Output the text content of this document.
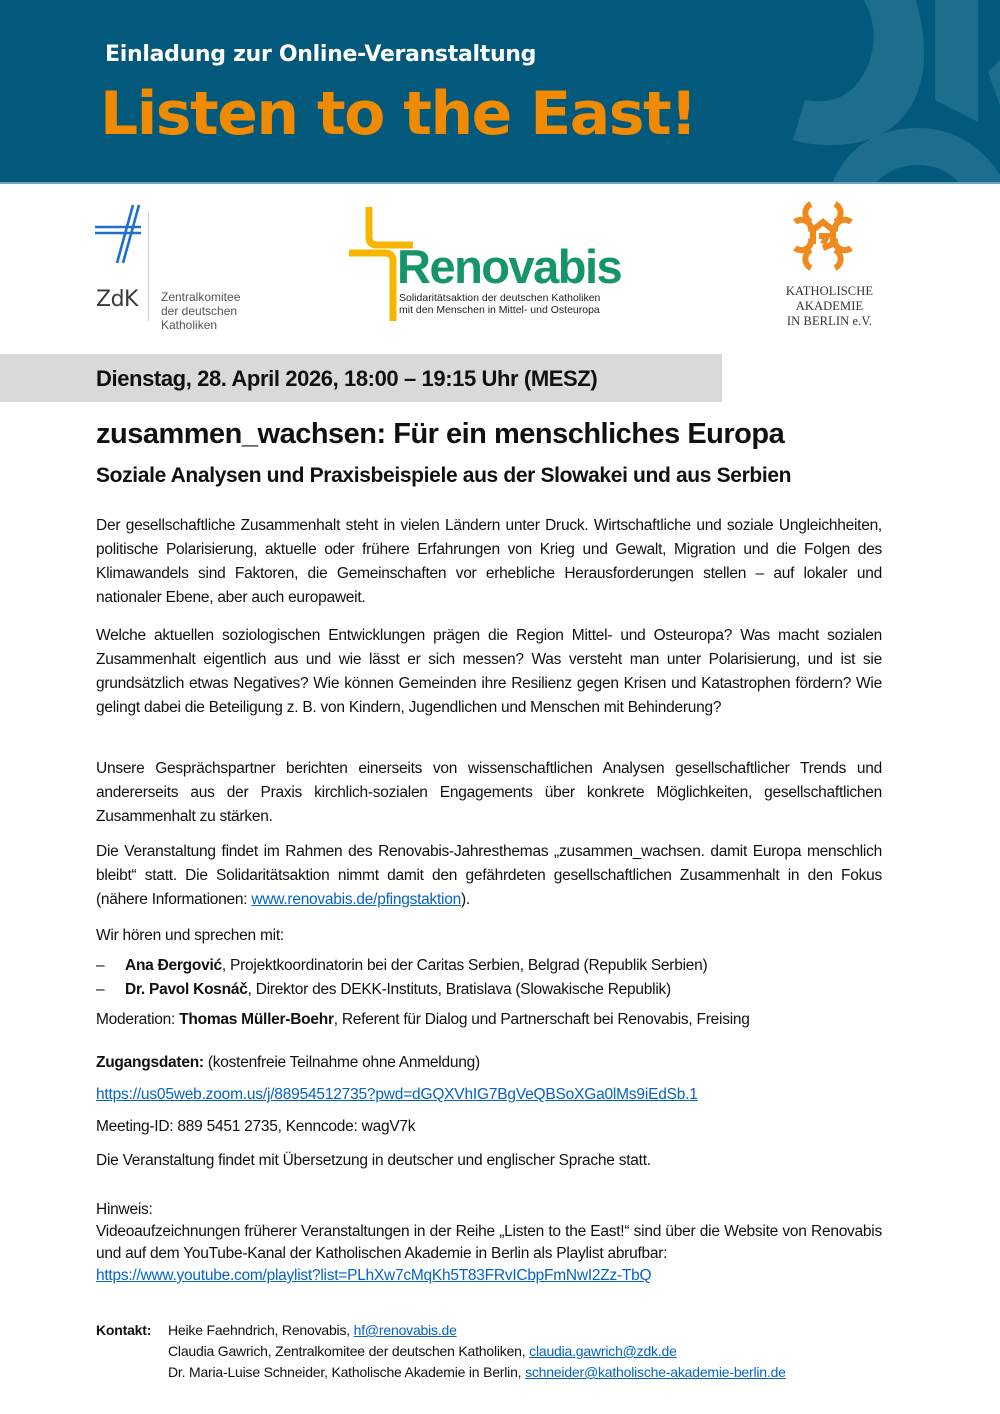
Einladung zur Online-Veranstaltung
Listen to the East!
ZdK Zentralkomitee
der deutschen Katholiken
Renovabis
Solidaritätsaktion der deutschen Katholiken
mit den Menschen in Mittel- und Osteuropa
KATHOLISCHE AKADEMIE
IN BERLIN e.V.
Dienstag, 28. April 2026, 18:00 – 19:15 Uhr (MESZ)
zusammen_wachsen: Für ein menschliches Europa
Soziale Analysen und Praxisbeispiele aus der Slowakei und aus Serbien

Der gesellschaftliche Zusammenhalt steht in vielen Ländern unter Druck. Wirtschaftliche und soziale Ungleichheiten, politische Polarisierung, aktuelle oder frühere Erfahrungen von Krieg und Gewalt, Migration und die Folgen des Klimawandels sind Faktoren, die Gemeinschaften vor erhebliche Herausforderungen stellen – auf lokaler und nationaler Ebene, aber auch europaweit.

Welche aktuellen soziologischen Entwicklungen prägen die Region Mittel- und Osteuropa? Was macht sozialen Zusammenhalt eigentlich aus und wie lässt er sich messen? Was versteht man unter Polarisierung, und ist sie grundsätzlich etwas Negatives? Wie können Gemeinden ihre Resilienz gegen Krisen und Katastrophen fördern? Wie gelingt dabei die Beteiligung z. B. von Kindern, Jugendlichen und Menschen mit Behinderung?

Unsere Gesprächspartner berichten einerseits von wissenschaftlichen Analysen gesellschaftlicher Trends und andererseits aus der Praxis kirchlich-sozialen Engagements über konkrete Möglichkeiten, gesellschaftlichen Zusammenhalt zu stärken.

Die Veranstaltung findet im Rahmen des Renovabis-Jahresthemas „zusammen_wachsen. damit Europa menschlich bleibt“ statt. Die Solidaritätsaktion nimmt damit den gefährdeten gesellschaftlichen Zusammenhalt in den Fokus (nähere Informationen: www.renovabis.de/pfingstaktion).

Wir hören und sprechen mit:

– Ana Đergović, Projektkoordinatorin bei der Caritas Serbien, Belgrad (Republik Serbien)
– Dr. Pavol Kosnáč, Direktor des DEKK-Instituts, Bratislava (Slowakische Republik)
Moderation: Thomas Müller-Boehr, Referent für Dialog und Partnerschaft bei Renovabis, Freising
Zugangsdaten: (kostenfreie Teilnahme ohne Anmeldung)
https://us05web.zoom.us/j/88954512735?pwd=dGQXVhIG7BgVeQBSoXGa0lMs9iEdSb.1
Meeting-ID: 889 5451 2735, Kenncode: wagV7k
Die Veranstaltung findet mit Übersetzung in deutscher und englischer Sprache statt.
Hinweis:
Videoaufzeichnungen früherer Veranstaltungen in der Reihe „Listen to the East!“ sind über die Website von Renovabis und auf dem YouTube-Kanal der Katholischen Akademie in Berlin als Playlist abrufbar:
https://www.youtube.com/playlist?list=PLhXw7cMqKh5T83FRvICbpFmNwI2Zz-TbQ
Kontakt: Heike Faehndrich, Renovabis, hf@renovabis.de
Claudia Gawrich, Zentralkomitee der deutschen Katholiken, claudia.gawrich@zdk.de
Dr. Maria-Luise Schneider, Katholische Akademie in Berlin, schneider@katholische-akademie-berlin.de
